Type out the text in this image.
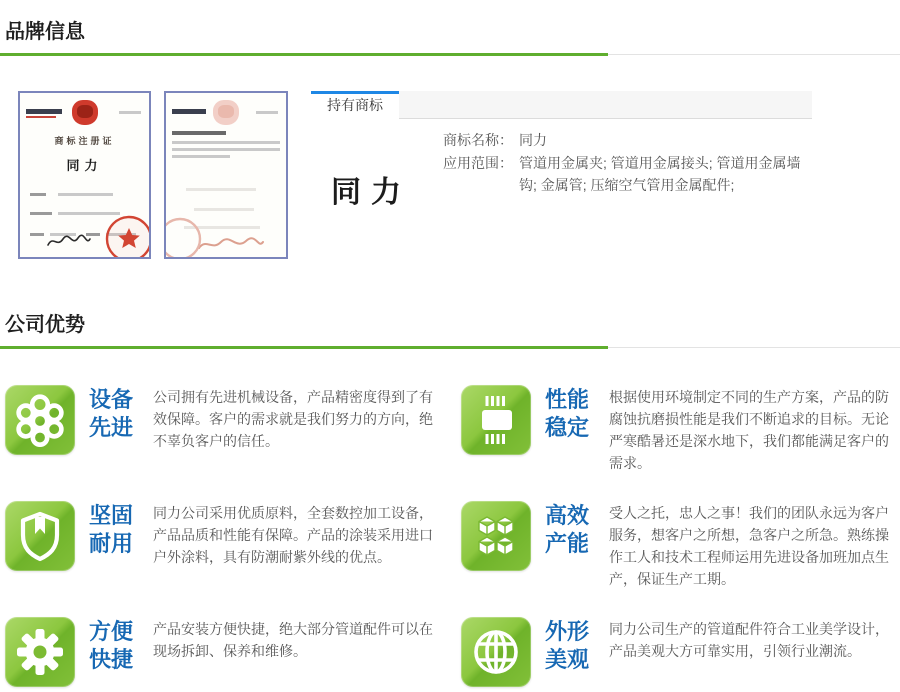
品牌信息
商标注册证
同力
持有商标
同力
商标名称： 同力
应用范围： 管道用金属夹; 管道用金属接头; 管道用金属墙钩; 金属管; 压缩空气管用金属配件;
公司优势
设备
先进
公司拥有先进机械设备，产品精密度得到了有效保障。客户的需求就是我们努力的方向，绝不辜负客户的信任。
性能
稳定
根据使用环境制定不同的生产方案，产品的防腐蚀抗磨损性能是我们不断追求的目标。无论严寒酷暑还是深水地下，我们都能满足客户的需求。
坚固
耐用
同力公司采用优质原料，全套数控加工设备，产品品质和性能有保障。产品的涂装采用进口户外涂料，具有防潮耐紫外线的优点。
高效
产能
受人之托，忠人之事！我们的团队永远为客户服务，想客户之所想，急客户之所急。熟练操作工人和技术工程师运用先进设备加班加点生产，保证生产工期。
方便
快捷
产品安装方便快捷，绝大部分管道配件可以在现场拆卸、保养和维修。
外形
美观
同力公司生产的管道配件符合工业美学设计，产品美观大方可靠实用，引领行业潮流。
